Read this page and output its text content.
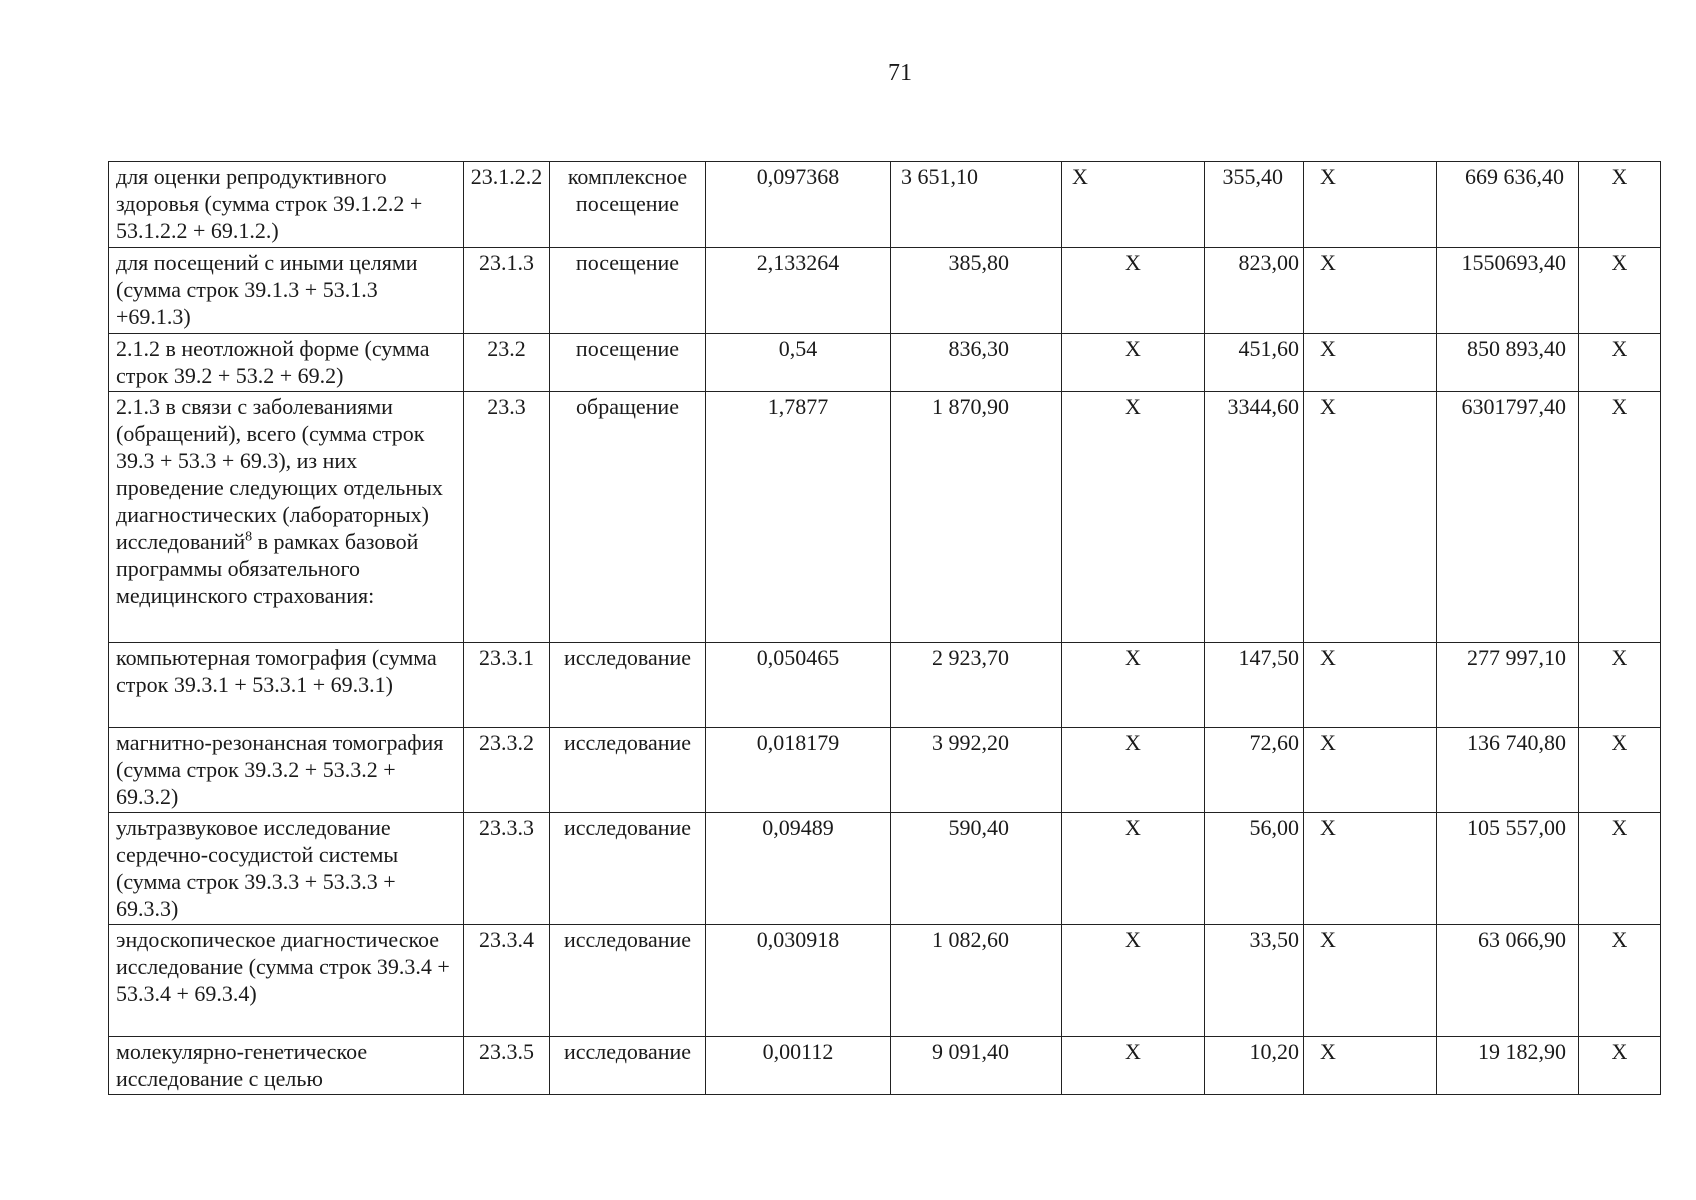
71
для оценки репродуктивного здоровья (сумма строк 39.1.2.2 + 53.1.2.2 + 69.1.2.)	23.1.2.2	комплексное посещение	0,097368	3 651,10	Х	355,40	Х	669 636,40	Х
для посещений с иными целями (сумма строк 39.1.3 + 53.1.3 +69.1.3)	23.1.3	посещение	2,133264	385,80	Х	823,00	Х	1550693,40	Х
2.1.2 в неотложной форме (сумма строк 39.2 + 53.2 + 69.2)	23.2	посещение	0,54	836,30	Х	451,60	Х	850 893,40	Х
2.1.3 в связи с заболеваниями (обращений), всего (сумма строк 39.3 + 53.3 + 69.3), из них проведение следующих отдельных диагностических (лабораторных) исследований$^8$ в рамках базовой программы обязательного медицинского страхования:	23.3	обращение	1,7877	1 870,90	Х	3344,60	Х	6301797,40	Х
компьютерная томография (сумма строк 39.3.1 + 53.3.1 + 69.3.1)	23.3.1	исследование	0,050465	2 923,70	Х	147,50	Х	277 997,10	Х
магнитно-резонансная томография (сумма строк 39.3.2 + 53.3.2 + 69.3.2)	23.3.2	исследование	0,018179	3 992,20	Х	72,60	Х	136 740,80	Х
ультразвуковое исследование сердечно-сосудистой системы (сумма строк 39.3.3 + 53.3.3 + 69.3.3)	23.3.3	исследование	0,09489	590,40	Х	56,00	Х	105 557,00	Х
эндоскопическое диагностическое исследование (сумма строк 39.3.4 + 53.3.4 + 69.3.4)	23.3.4	исследование	0,030918	1 082,60	Х	33,50	Х	63 066,90	Х
молекулярно-генетическое исследование с целью	23.3.5	исследование	0,00112	9 091,40	Х	10,20	Х	19 182,90	Х
